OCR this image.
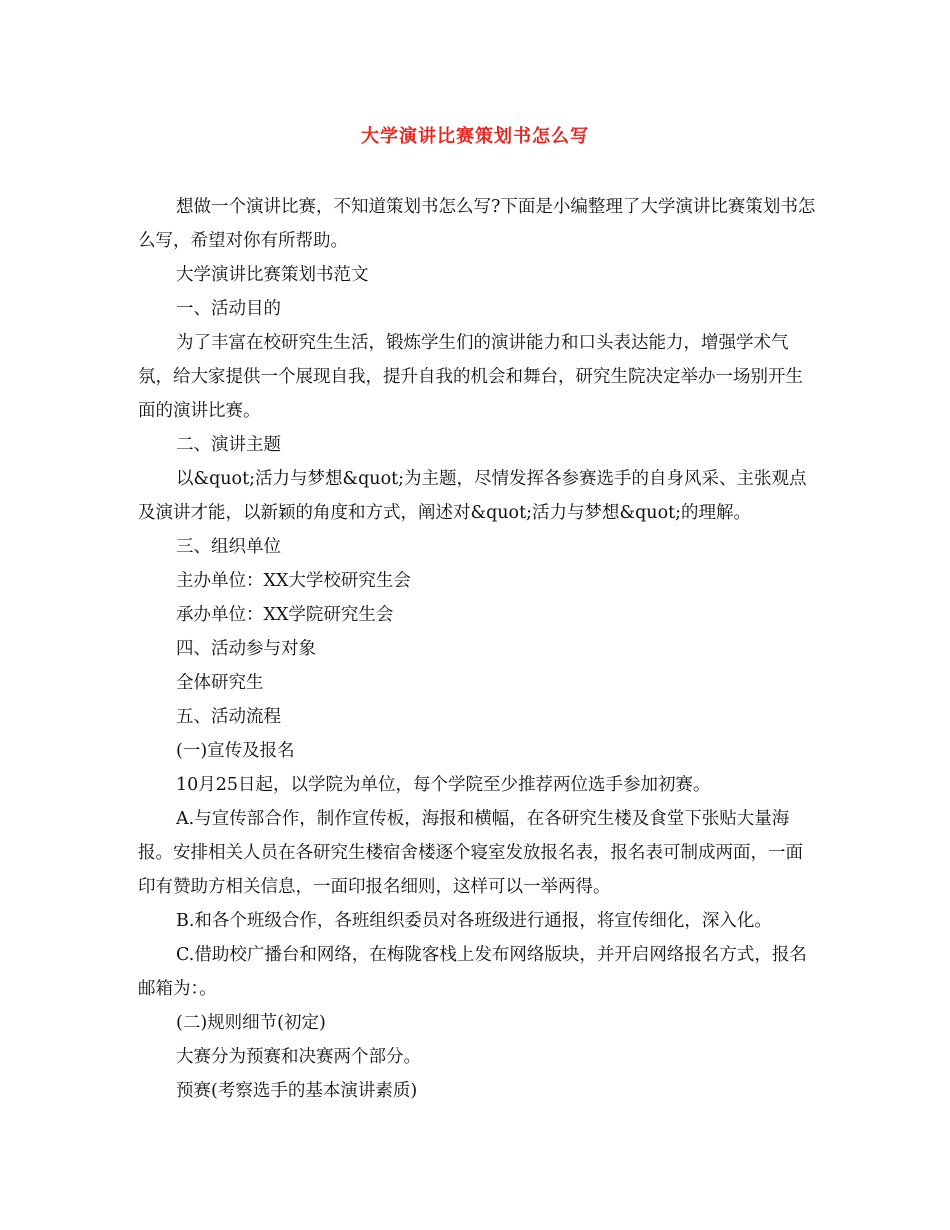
大学演讲比赛策划书怎么写

想做一个演讲比赛，不知道策划书怎么写?下面是小编整理了大学演讲比赛策划书怎么写，希望对你有所帮助。

大学演讲比赛策划书范文

一、活动目的

为了丰富在校研究生生活，锻炼学生们的演讲能力和口头表达能力，增强学术气氛，给大家提供一个展现自我，提升自我的机会和舞台，研究生院决定举办一场别开生面的演讲比赛。

二、演讲主题

以&quot;活力与梦想&quot;为主题，尽情发挥各参赛选手的自身风采、主张观点及演讲才能，以新颖的角度和方式，阐述对&quot;活力与梦想&quot;的理解。

三、组织单位

主办单位：XX大学校研究生会

承办单位：XX学院研究生会

四、活动参与对象

全体研究生

五、活动流程

(一)宣传及报名

10月25日起，以学院为单位，每个学院至少推荐两位选手参加初赛。

A.与宣传部合作，制作宣传板，海报和横幅，在各研究生楼及食堂下张贴大量海报。安排相关人员在各研究生楼宿舍楼逐个寝室发放报名表，报名表可制成两面，一面印有赞助方相关信息，一面印报名细则，这样可以一举两得。

B.和各个班级合作，各班组织委员对各班级进行通报，将宣传细化，深入化。

C.借助校广播台和网络，在梅陇客栈上发布网络版块，并开启网络报名方式，报名邮箱为：。

(二)规则细节(初定)

大赛分为预赛和决赛两个部分。

预赛(考察选手的基本演讲素质)
